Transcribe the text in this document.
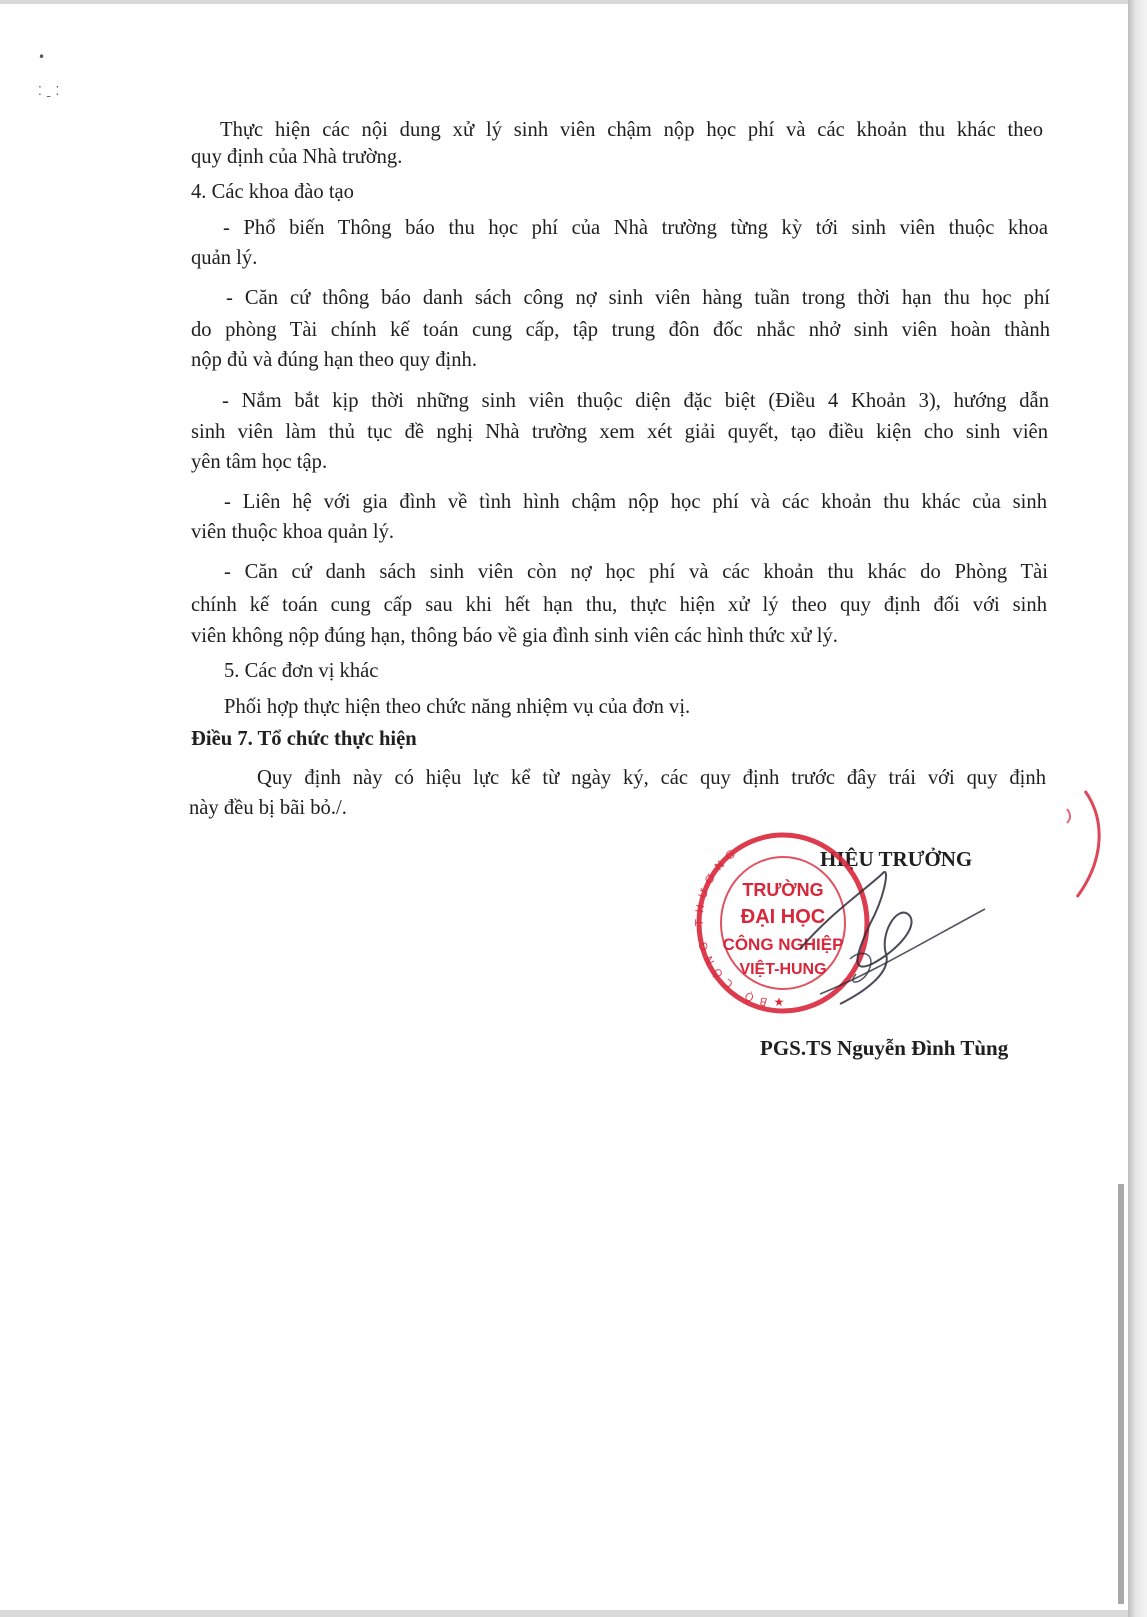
•
⁚ ˍ ⁚
Thực hiện các nội dung xử lý sinh viên chậm nộp học phí và các khoản thu khác theo
quy định của Nhà trường.
4. Các khoa đào tạo
- Phổ biến Thông báo thu học phí của Nhà trường từng kỳ tới sinh viên thuộc khoa
quản lý.
- Căn cứ thông báo danh sách công nợ sinh viên hàng tuần trong thời hạn thu học phí
do phòng Tài chính kế toán cung cấp, tập trung đôn đốc nhắc nhở sinh viên hoàn thành
nộp đủ và đúng hạn theo quy định.
- Nắm bắt kịp thời những sinh viên thuộc diện đặc biệt (Điều 4 Khoản 3), hướng dẫn
sinh viên làm thủ tục đề nghị Nhà trường xem xét giải quyết, tạo điều kiện cho sinh viên
yên tâm học tập.
- Liên hệ với gia đình về tình hình chậm nộp học phí và các khoản thu khác của sinh
viên thuộc khoa quản lý.
- Căn cứ danh sách sinh viên còn nợ học phí và các khoản thu khác do Phòng Tài
chính kế toán cung cấp sau khi hết hạn thu, thực hiện xử lý theo quy định đối với sinh
viên không nộp đúng hạn, thông báo về gia đình sinh viên các hình thức xử lý.
5. Các đơn vị khác
Phối hợp thực hiện theo chức năng nhiệm vụ của đơn vị.
Điều 7. Tổ chức thực hiện
Quy định này có hiệu lực kể từ ngày ký, các quy định trước đây trái với quy định
này đều bị bãi bỏ./.
HIỆU TRƯỞNG
BỘ CÔNG THƯƠNG
TRƯỜNG
ĐẠI HỌC
CÔNG NGHIỆP
VIỆT-HUNG
★
PGS.TS Nguyễn Đình Tùng
